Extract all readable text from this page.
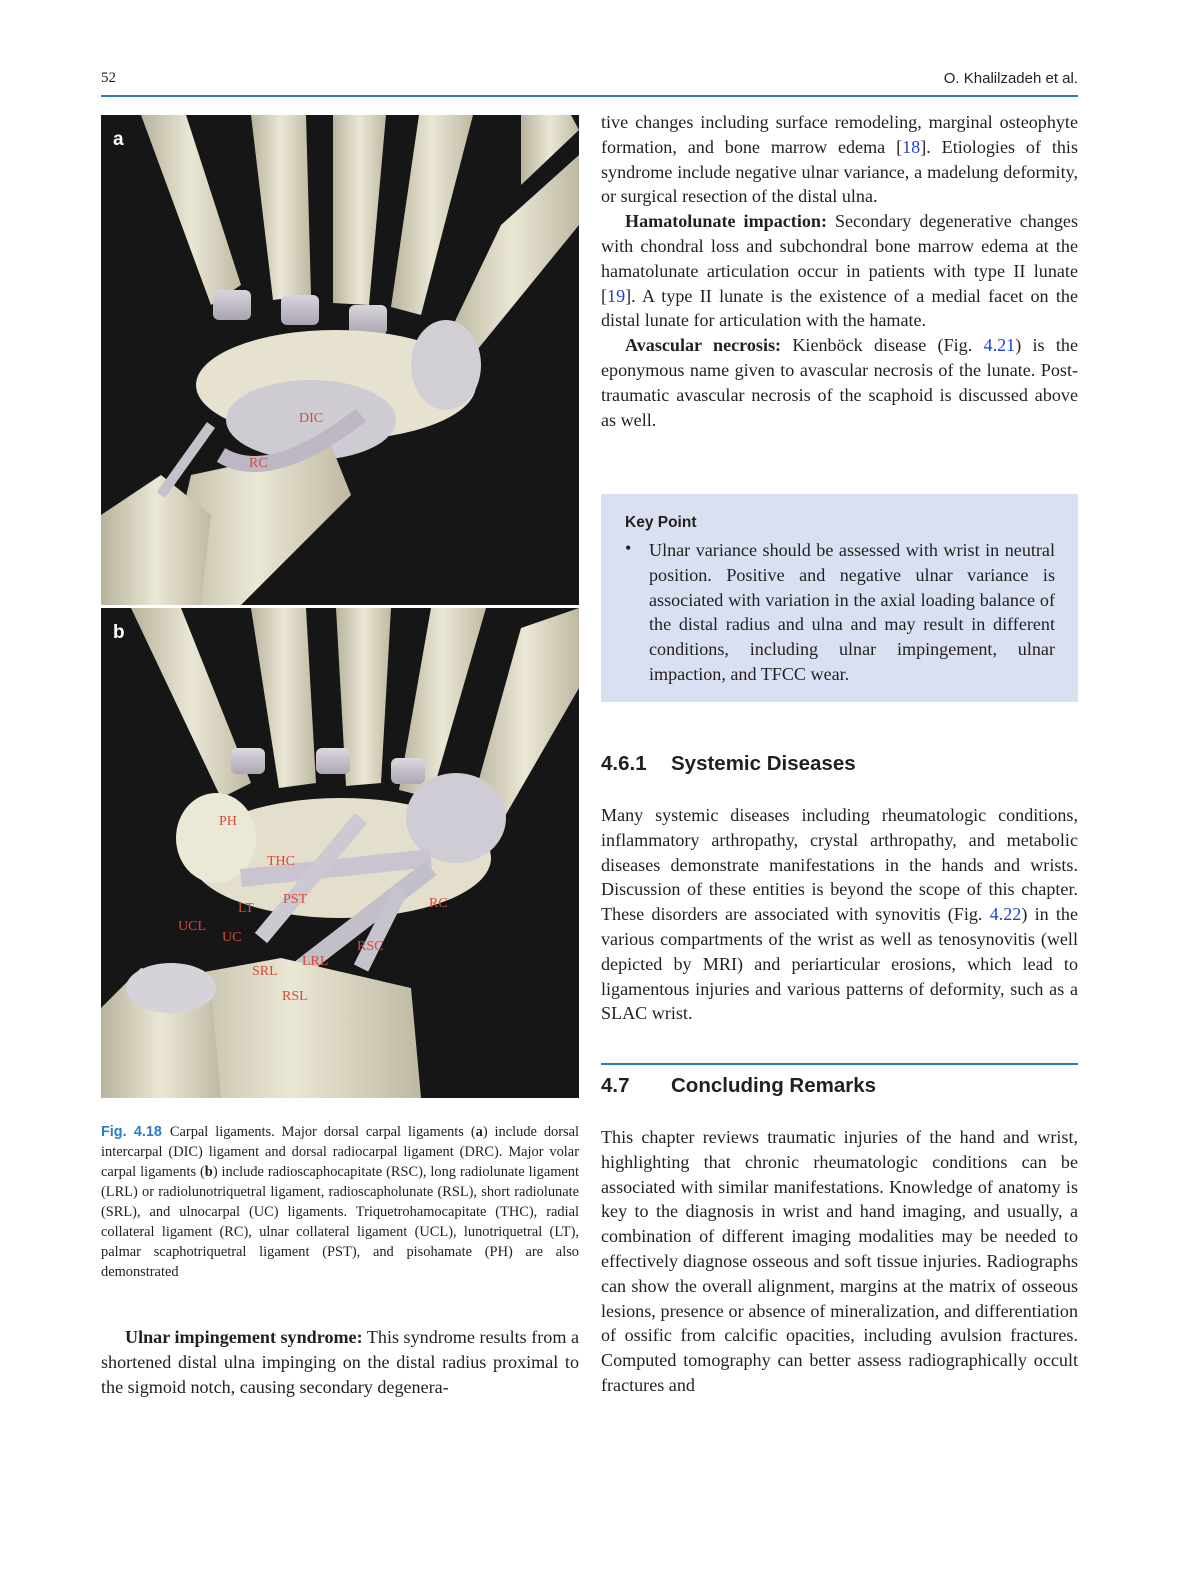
52	O. Khalilzadeh et al.
a
DIC
RC
b
PH
THC
PST
LT
UCL
UC
RSC
LRL
SRL
RSL
RC
Fig. 4.18 Carpal ligaments. Major dorsal carpal ligaments (a) include dorsal intercarpal (DIC) ligament and dorsal radiocarpal ligament (DRC). Major volar carpal ligaments (b) include radioscaphocapitate (RSC), long radiolunate ligament (LRL) or radiolunotriquetral ligament, radioscapholunate (RSL), short radiolunate (SRL), and ulnocarpal (UC) ligaments. Triquetrohamocapitate (THC), radial collateral ligament (RC), ulnar collateral ligament (UCL), lunotriquetral (LT), palmar scaphotriquetral ligament (PST), and pisohamate (PH) are also demonstrated

Ulnar impingement syndrome: This syndrome results from a shortened distal ulna impinging on the distal radius proximal to the sigmoid notch, causing secondary degenera-

tive changes including surface remodeling, marginal osteophyte formation, and bone marrow edema [18]. Etiologies of this syndrome include negative ulnar variance, a madelung deformity, or surgical resection of the distal ulna.

Hamatolunate impaction: Secondary degenerative changes with chondral loss and subchondral bone marrow edema at the hamatolunate articulation occur in patients with type II lunate [19]. A type II lunate is the existence of a medial facet on the distal lunate for articulation with the hamate.

Avascular necrosis: Kienböck disease (Fig. 4.21) is the eponymous name given to avascular necrosis of the lunate. Post-traumatic avascular necrosis of the scaphoid is discussed above as well.

Key Point
• Ulnar variance should be assessed with wrist in neutral position. Positive and negative ulnar variance is associated with variation in the axial loading balance of the distal radius and ulna and may result in different conditions, including ulnar impingement, ulnar impaction, and TFCC wear.
4.6.1 Systemic Diseases

Many systemic diseases including rheumatologic conditions, inflammatory arthropathy, crystal arthropathy, and metabolic diseases demonstrate manifestations in the hands and wrists. Discussion of these entities is beyond the scope of this chapter. These disorders are associated with synovitis (Fig. 4.22) in the various compartments of the wrist as well as tenosynovitis (well depicted by MRI) and periarticular erosions, which lead to ligamentous injuries and various patterns of deformity, such as a SLAC wrist.

4.7 Concluding Remarks

This chapter reviews traumatic injuries of the hand and wrist, highlighting that chronic rheumatologic conditions can be associated with similar manifestations. Knowledge of anatomy is key to the diagnosis in wrist and hand imaging, and usually, a combination of different imaging modalities may be needed to effectively diagnose osseous and soft tissue injuries. Radiographs can show the overall alignment, margins at the matrix of osseous lesions, presence or absence of mineralization, and differentiation of ossific from calcific opacities, including avulsion fractures. Computed tomography can better assess radiographically occult fractures and
